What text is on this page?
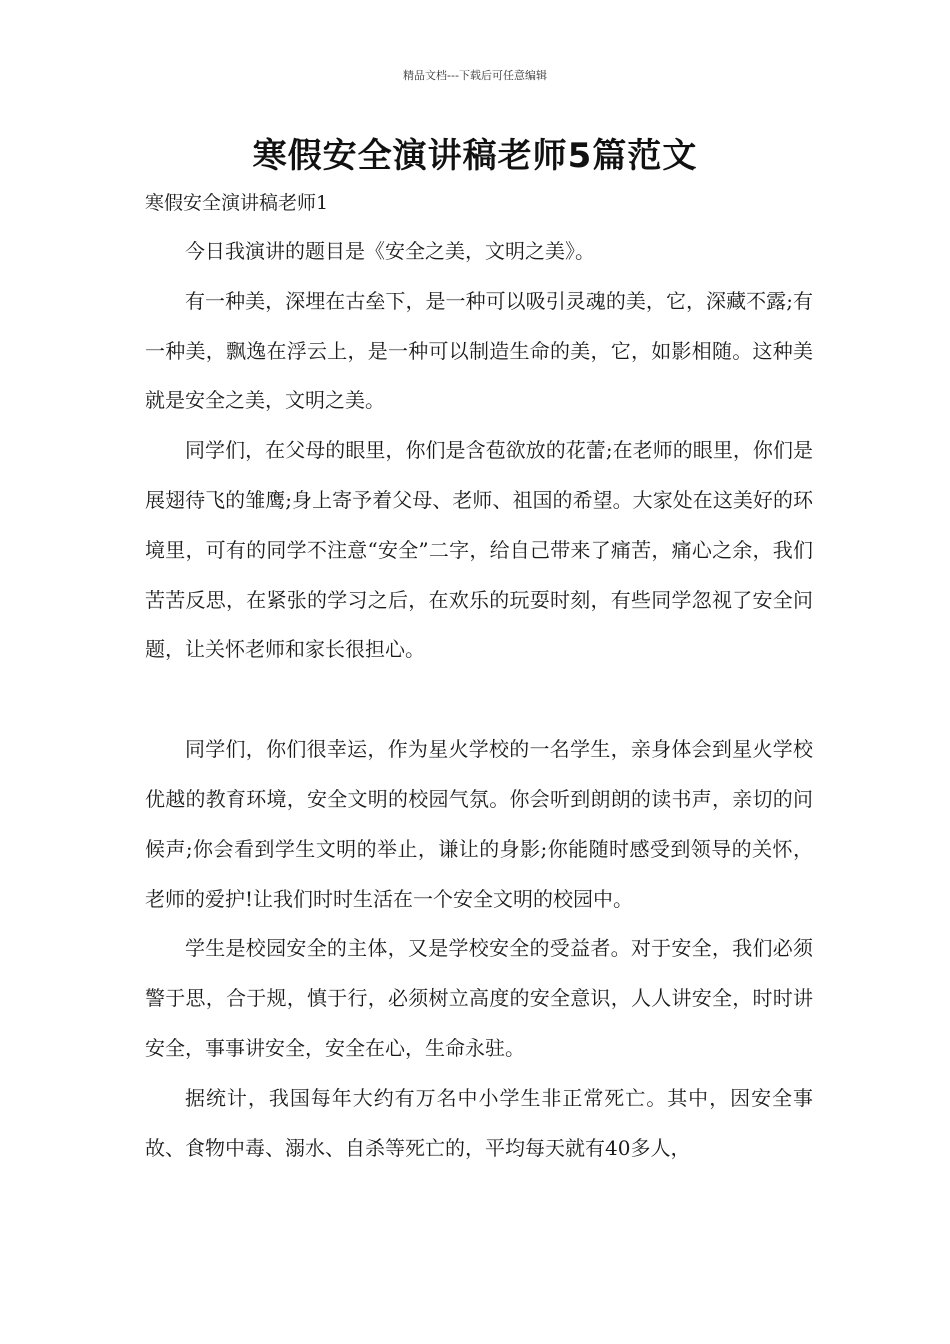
精品文档---下载后可任意编辑
寒假安全演讲稿老师5篇范文
寒假安全演讲稿老师1

今日我演讲的题目是《安全之美，文明之美》。

有一种美，深埋在古垒下，是一种可以吸引灵魂的美，它，深藏不露;有一种美，飘逸在浮云上，是一种可以制造生命的美，它，如影相随。这种美就是安全之美，文明之美。

同学们，在父母的眼里，你们是含苞欲放的花蕾;在老师的眼里，你们是展翅待飞的雏鹰;身上寄予着父母、老师、祖国的希望。大家处在这美好的环境里，可有的同学不注意“安全”二字，给自己带来了痛苦，痛心之余，我们苦苦反思，在紧张的学习之后，在欢乐的玩耍时刻，有些同学忽视了安全问题，让关怀老师和家长很担心。

同学们，你们很幸运，作为星火学校的一名学生，亲身体会到星火学校优越的教育环境，安全文明的校园气氛。你会听到朗朗的读书声，亲切的问候声;你会看到学生文明的举止，谦让的身影;你能随时感受到领导的关怀，老师的爱护!让我们时时生活在一个安全文明的校园中。

学生是校园安全的主体，又是学校安全的受益者。对于安全，我们必须警于思，合于规，慎于行，必须树立高度的安全意识，人人讲安全，时时讲安全，事事讲安全，安全在心，生命永驻。

据统计，我国每年大约有万名中小学生非正常死亡。其中，因安全事故、食物中毒、溺水、自杀等死亡的，平均每天就有40多人，
